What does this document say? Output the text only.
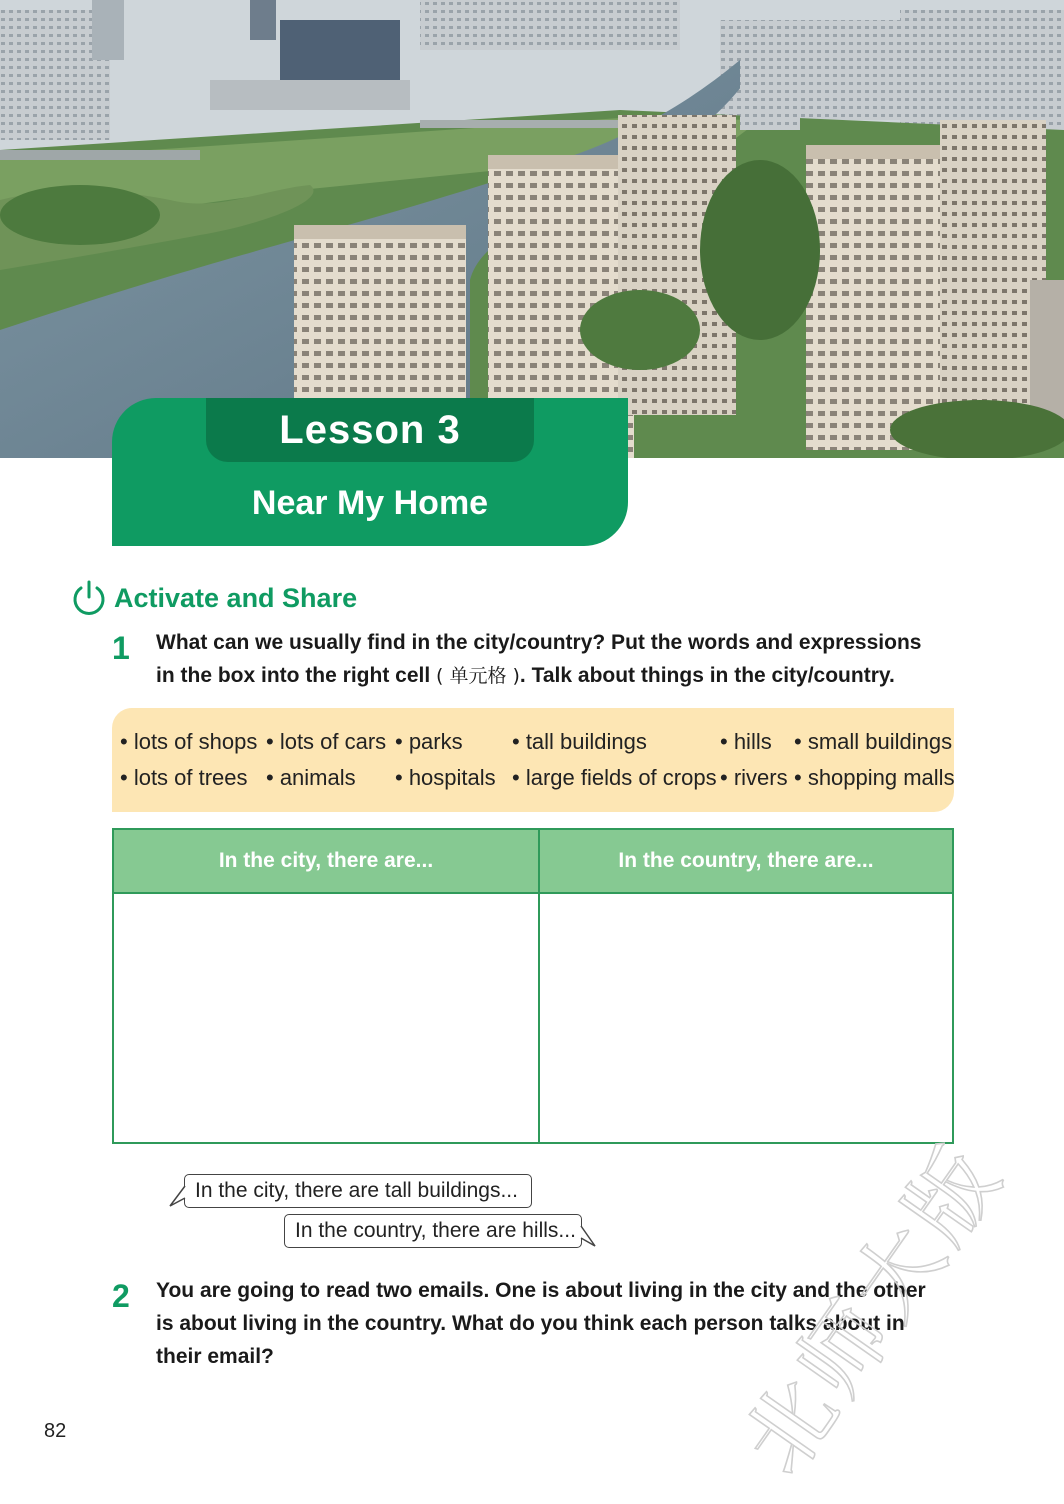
Lesson 3
Near My Home
Activate and Share
1 What can we usually find in the city/country? Put the words and expressions
in the box into the right cell ( 单元格 ). Talk about things in the city/country.
• lots of shops • lots of cars • parks • tall buildings	• hills • small buildings
• lots of trees • animals • hospitals • large fields of crops • rivers • shopping malls
In the city, there are...	In the country, there are...
In the city, there are tall buildings...
In the country, there are hills...
2 You are going to read two emails. One is about living in the city and the other
is about living in the country. What do you think each person talks about in
their email?
82	北师大版
